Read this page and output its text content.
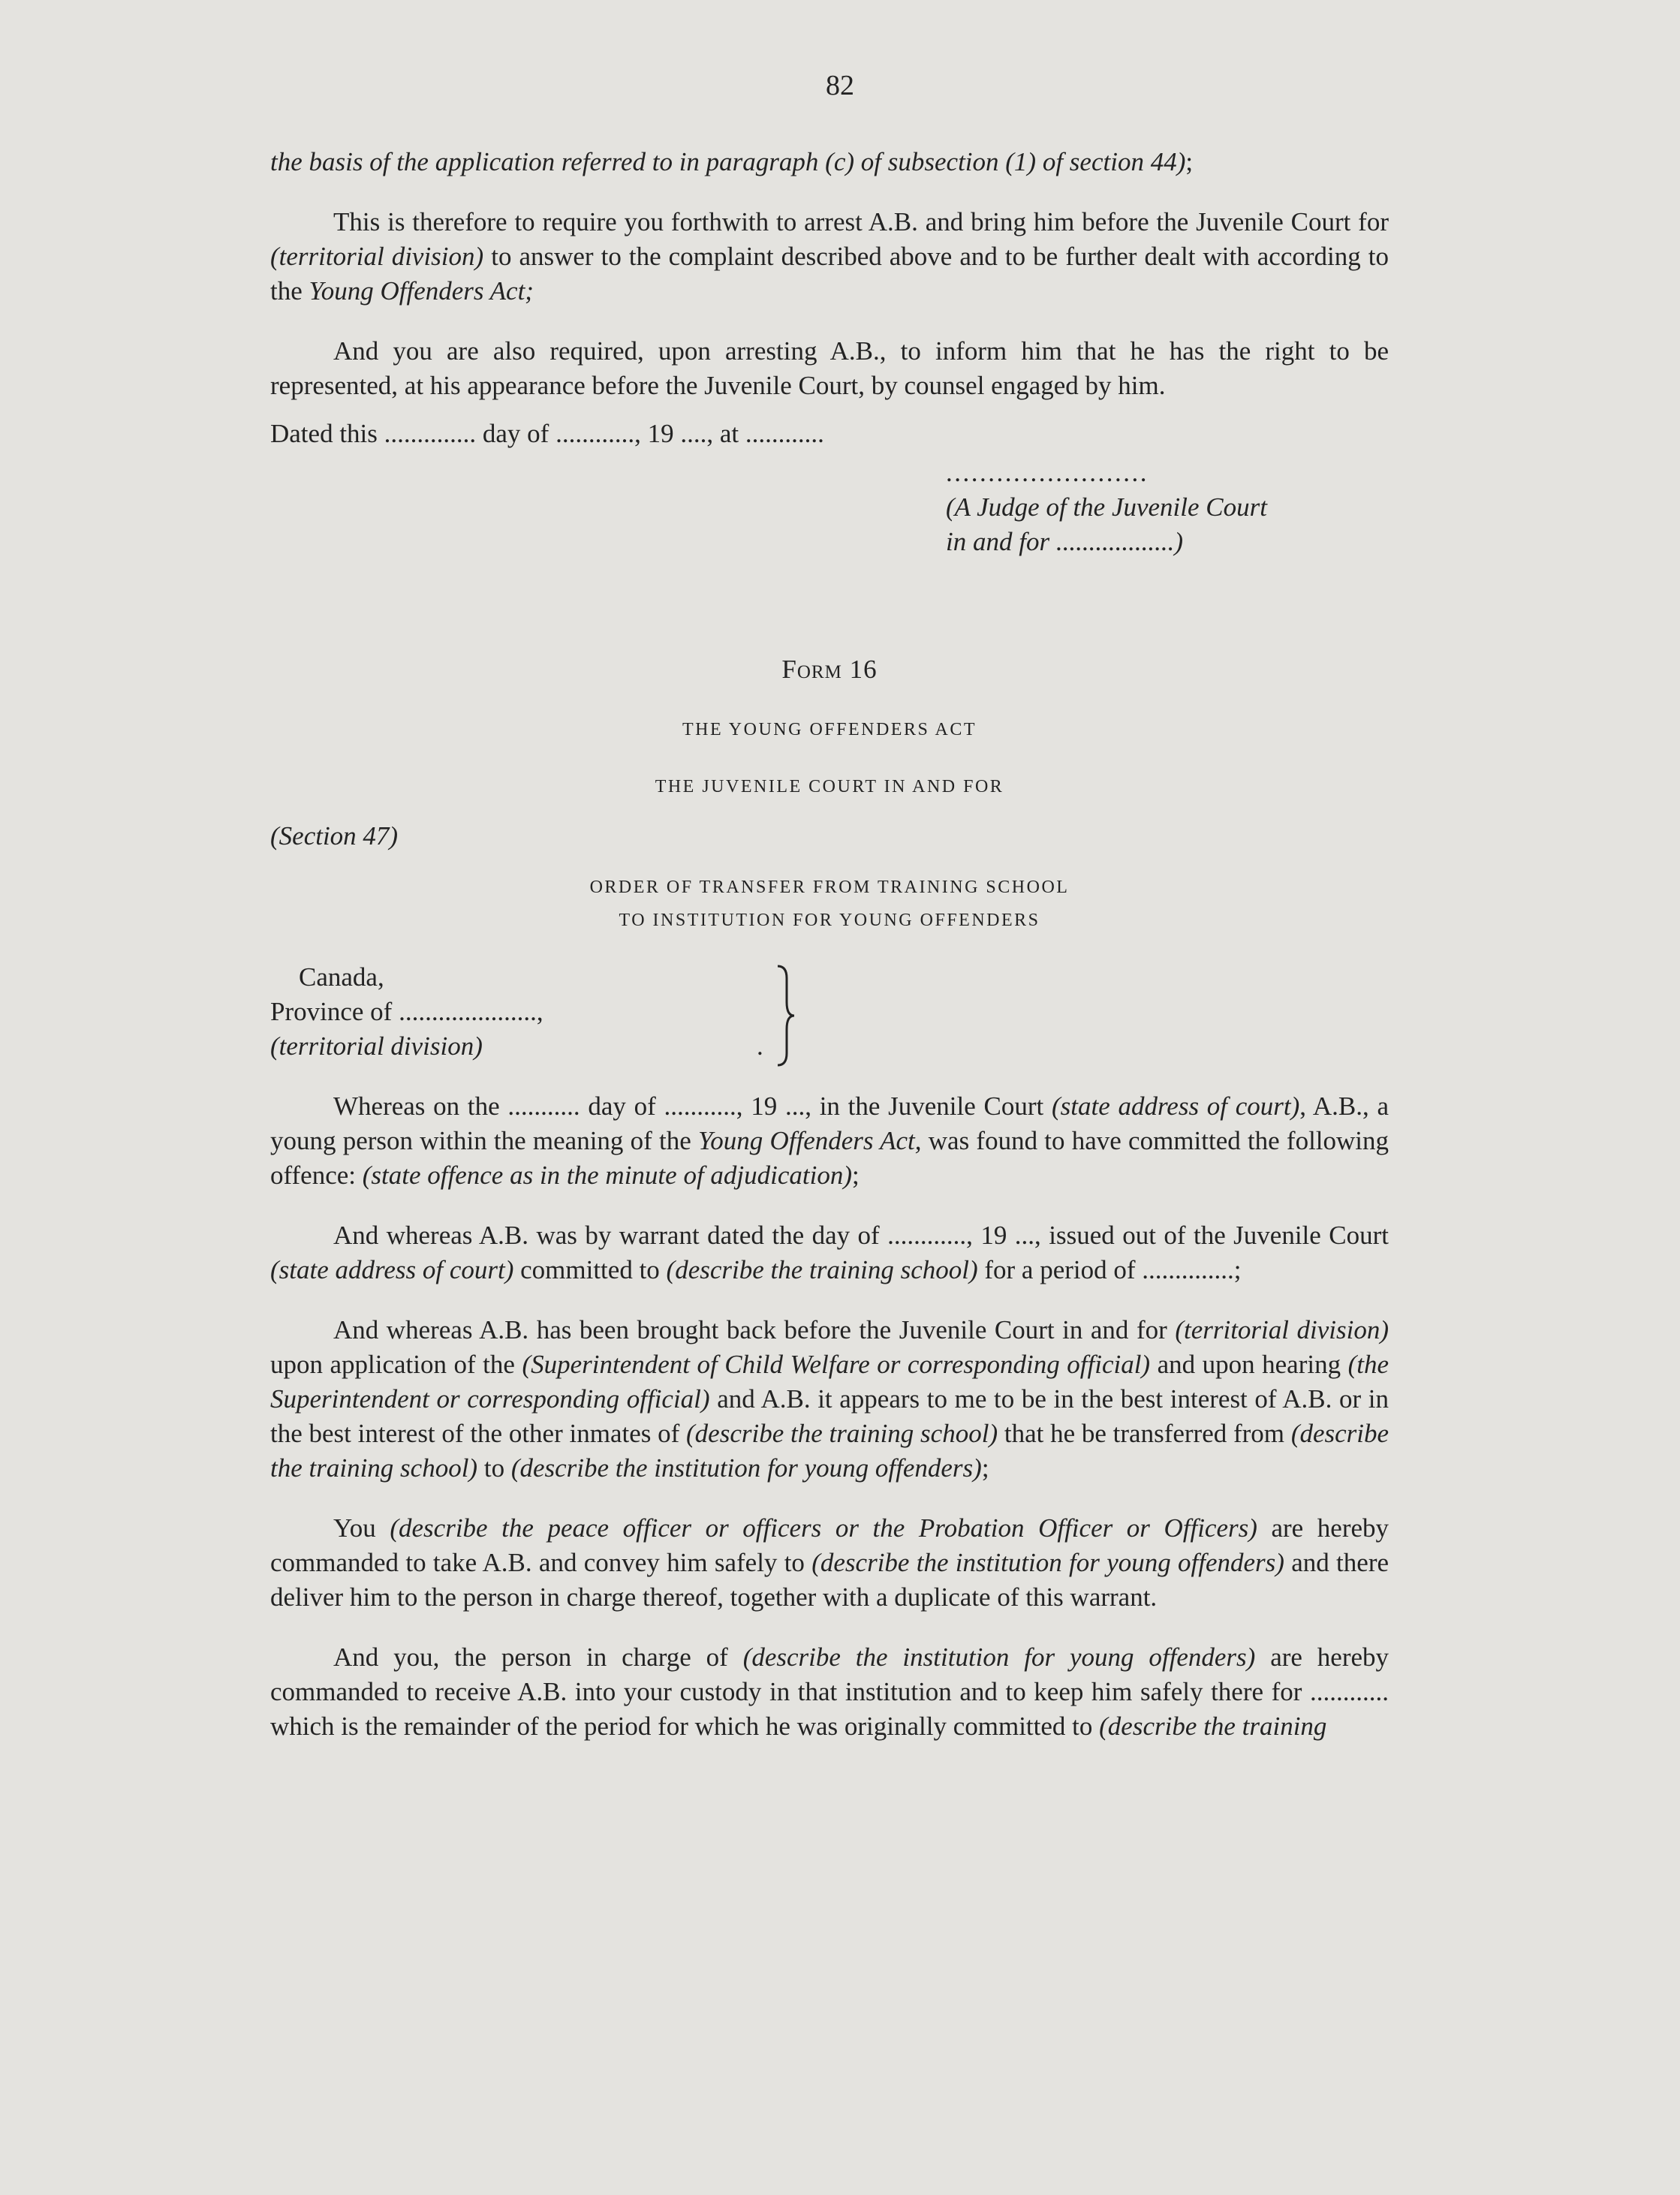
82

the basis of the application referred to in paragraph (c) of subsection (1) of section 44);

This is therefore to require you forthwith to arrest A.B. and bring him before the Juvenile Court for (territorial division) to answer to the complaint described above and to be further dealt with according to the Young Offenders Act;

And you are also required, upon arresting A.B., to inform him that he has the right to be represented, at his appearance before the Juvenile Court, by counsel engaged by him.

Dated this .............. day of ............, 19 ...., at ............

........................

(A Judge of the Juvenile Court

in and for ..................)

Form 16

THE YOUNG OFFENDERS ACT

THE JUVENILE COURT IN AND FOR

(Section 47)

ORDER OF TRANSFER FROM TRAINING SCHOOL

TO INSTITUTION FOR YOUNG OFFENDERS

Canada,

Province of .....................,

(territorial division)	.

Whereas on the ........... day of ..........., 19 ..., in the Juvenile Court (state address of court), A.B., a young person within the meaning of the Young Offenders Act, was found to have committed the following offence: (state offence as in the minute of adjudication);

And whereas A.B. was by warrant dated the day of ............, 19 ..., issued out of the Juvenile Court (state address of court) committed to (describe the training school) for a period of ..............;

And whereas A.B. has been brought back before the Juvenile Court in and for (territorial division) upon application of the (Superintendent of Child Welfare or corresponding official) and upon hearing (the Superintendent or corresponding official) and A.B. it appears to me to be in the best interest of A.B. or in the best interest of the other inmates of (describe the training school) that he be transferred from (describe the training school) to (describe the institution for young offenders);

You (describe the peace officer or officers or the Probation Officer or Officers) are hereby commanded to take A.B. and convey him safely to (describe the institution for young offenders) and there deliver him to the person in charge thereof, together with a duplicate of this warrant.

And you, the person in charge of (describe the institution for young offenders) are hereby commanded to receive A.B. into your custody in that institution and to keep him safely there for ............ which is the remainder of the period for which he was originally committed to (describe the training
